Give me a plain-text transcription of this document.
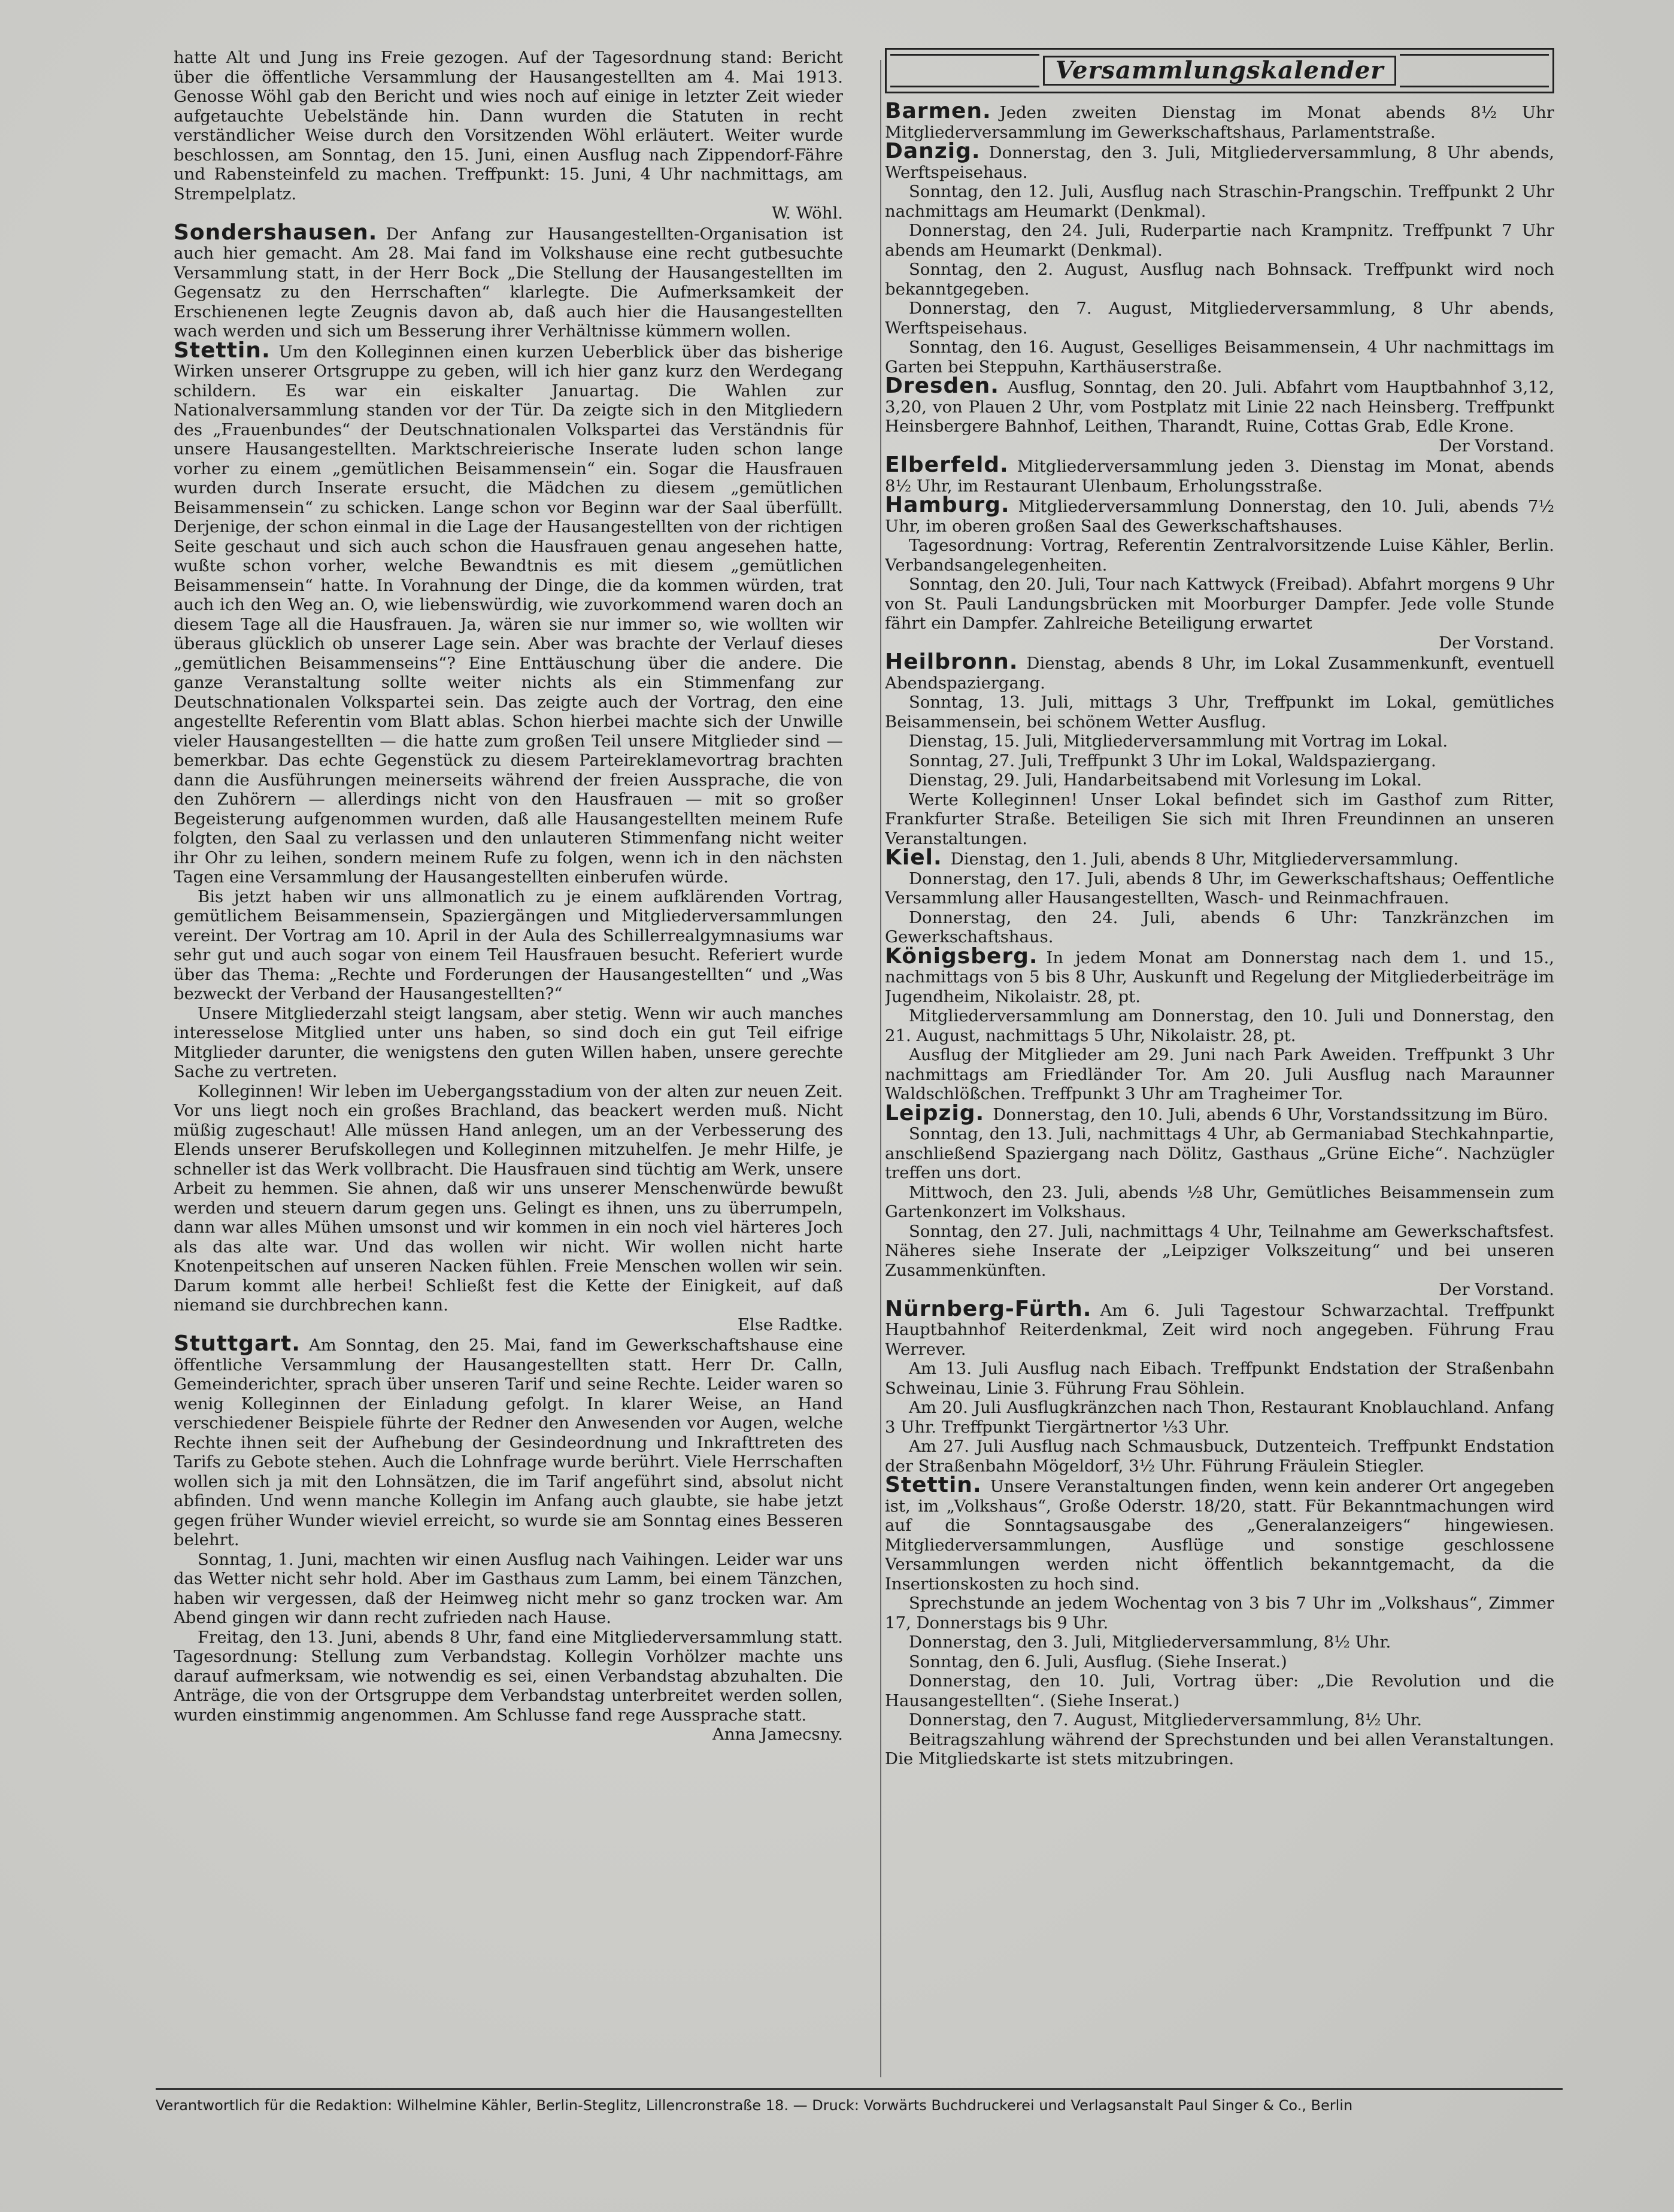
hatte Alt und Jung ins Freie gezogen. Auf der Tagesordnung stand: Bericht über die öffentliche Versammlung der Hausangestellten am 4. Mai 1913. Genosse Wöhl gab den Bericht und wies noch auf einige in letzter Zeit wieder aufgetauchte Uebelstände hin. Dann wurden die Statuten in recht verständlicher Weise durch den Vorsitzenden Wöhl erläutert. Weiter wurde beschlossen, am Sonntag, den 15. Juni, einen Ausflug nach Zippendorf-Fähre und Rabensteinfeld zu machen. Treffpunkt: 15. Juni, 4 Uhr nachmittags, am Strempelplatz.

W. Wöhl.

Sondershausen. Der Anfang zur Hausangestellten-Organisation ist auch hier gemacht. Am 28. Mai fand im Volkshause eine recht gutbesuchte Versammlung statt, in der Herr Bock „Die Stellung der Hausangestellten im Gegensatz zu den Herrschaften“ klarlegte. Die Aufmerksamkeit der Erschienenen legte Zeugnis davon ab, daß auch hier die Hausangestellten wach werden und sich um Besserung ihrer Verhältnisse kümmern wollen.

Stettin. Um den Kolleginnen einen kurzen Ueberblick über das bisherige Wirken unserer Ortsgruppe zu geben, will ich hier ganz kurz den Werdegang schildern. Es war ein eiskalter Januartag. Die Wahlen zur Nationalversammlung standen vor der Tür. Da zeigte sich in den Mitgliedern des „Frauenbundes“ der Deutschnationalen Volkspartei das Verständnis für unsere Hausangestellten. Marktschreierische Inserate luden schon lange vorher zu einem „gemütlichen Beisammensein“ ein. Sogar die Hausfrauen wurden durch Inserate ersucht, die Mädchen zu diesem „gemütlichen Beisammensein“ zu schicken. Lange schon vor Beginn war der Saal überfüllt. Derjenige, der schon einmal in die Lage der Hausangestellten von der richtigen Seite geschaut und sich auch schon die Hausfrauen genau angesehen hatte, wußte schon vorher, welche Bewandtnis es mit diesem „gemütlichen Beisammensein“ hatte. In Vorahnung der Dinge, die da kommen würden, trat auch ich den Weg an. O, wie liebenswürdig, wie zuvorkommend waren doch an diesem Tage all die Hausfrauen. Ja, wären sie nur immer so, wie wollten wir überaus glücklich ob unserer Lage sein. Aber was brachte der Verlauf dieses „gemütlichen Beisammenseins“? Eine Enttäuschung über die andere. Die ganze Veranstaltung sollte weiter nichts als ein Stimmenfang zur Deutschnationalen Volkspartei sein. Das zeigte auch der Vortrag, den eine angestellte Referentin vom Blatt ablas. Schon hierbei machte sich der Unwille vieler Hausangestellten — die hatte zum großen Teil unsere Mitglieder sind — bemerkbar. Das echte Gegenstück zu diesem Parteireklamevortrag brachten dann die Ausführungen meinerseits während der freien Aussprache, die von den Zuhörern — allerdings nicht von den Hausfrauen — mit so großer Begeisterung aufgenommen wurden, daß alle Hausangestellten meinem Rufe folgten, den Saal zu verlassen und den unlauteren Stimmenfang nicht weiter ihr Ohr zu leihen, sondern meinem Rufe zu folgen, wenn ich in den nächsten Tagen eine Versammlung der Hausangestellten einberufen würde.

Bis jetzt haben wir uns allmonatlich zu je einem aufklärenden Vortrag, gemütlichem Beisammensein, Spaziergängen und Mitgliederversammlungen vereint. Der Vortrag am 10. April in der Aula des Schillerrealgymnasiums war sehr gut und auch sogar von einem Teil Hausfrauen besucht. Referiert wurde über das Thema: „Rechte und Forderungen der Hausangestellten“ und „Was bezweckt der Verband der Hausangestellten?“

Unsere Mitgliederzahl steigt langsam, aber stetig. Wenn wir auch manches interesselose Mitglied unter uns haben, so sind doch ein gut Teil eifrige Mitglieder darunter, die wenigstens den guten Willen haben, unsere gerechte Sache zu vertreten.

Kolleginnen! Wir leben im Uebergangsstadium von der alten zur neuen Zeit. Vor uns liegt noch ein großes Brachland, das beackert werden muß. Nicht müßig zugeschaut! Alle müssen Hand anlegen, um an der Verbesserung des Elends unserer Berufskollegen und Kolleginnen mitzuhelfen. Je mehr Hilfe, je schneller ist das Werk vollbracht. Die Hausfrauen sind tüchtig am Werk, unsere Arbeit zu hemmen. Sie ahnen, daß wir uns unserer Menschenwürde bewußt werden und steuern darum gegen uns. Gelingt es ihnen, uns zu überrumpeln, dann war alles Mühen umsonst und wir kommen in ein noch viel härteres Joch als das alte war. Und das wollen wir nicht. Wir wollen nicht harte Knotenpeitschen auf unseren Nacken fühlen. Freie Menschen wollen wir sein. Darum kommt alle herbei! Schließt fest die Kette der Einigkeit, auf daß niemand sie durchbrechen kann.

Else Radtke.

Stuttgart. Am Sonntag, den 25. Mai, fand im Gewerkschaftshause eine öffentliche Versammlung der Hausangestellten statt. Herr Dr. Calln, Gemeinderichter, sprach über unseren Tarif und seine Rechte. Leider waren so wenig Kolleginnen der Einladung gefolgt. In klarer Weise, an Hand verschiedener Beispiele führte der Redner den Anwesenden vor Augen, welche Rechte ihnen seit der Aufhebung der Gesindeordnung und Inkrafttreten des Tarifs zu Gebote stehen. Auch die Lohnfrage wurde berührt. Viele Herrschaften wollen sich ja mit den Lohnsätzen, die im Tarif angeführt sind, absolut nicht abfinden. Und wenn manche Kollegin im Anfang auch glaubte, sie habe jetzt gegen früher Wunder wieviel erreicht, so wurde sie am Sonntag eines Besseren belehrt.

Sonntag, 1. Juni, machten wir einen Ausflug nach Vaihingen. Leider war uns das Wetter nicht sehr hold. Aber im Gasthaus zum Lamm, bei einem Tänzchen, haben wir vergessen, daß der Heimweg nicht mehr so ganz trocken war. Am Abend gingen wir dann recht zufrieden nach Hause.

Freitag, den 13. Juni, abends 8 Uhr, fand eine Mitgliederversammlung statt. Tagesordnung: Stellung zum Verbandstag. Kollegin Vorhölzer machte uns darauf aufmerksam, wie notwendig es sei, einen Verbandstag abzuhalten. Die Anträge, die von der Ortsgruppe dem Verbandstag unterbreitet werden sollen, wurden einstimmig angenommen. Am Schlusse fand rege Aussprache statt.

Anna Jamecsny.

Versammlungskalender

Barmen. Jeden zweiten Dienstag im Monat abends 8½ Uhr Mitgliederversammlung im Gewerkschaftshaus, Parlamentstraße.

Danzig. Donnerstag, den 3. Juli, Mitgliederversammlung, 8 Uhr abends, Werftspeisehaus.

Sonntag, den 12. Juli, Ausflug nach Straschin-Prangschin. Treffpunkt 2 Uhr nachmittags am Heumarkt (Denkmal).

Donnerstag, den 24. Juli, Ruderpartie nach Krampnitz. Treffpunkt 7 Uhr abends am Heumarkt (Denkmal).

Sonntag, den 2. August, Ausflug nach Bohnsack. Treffpunkt wird noch bekanntgegeben.

Donnerstag, den 7. August, Mitgliederversammlung, 8 Uhr abends, Werftspeisehaus.

Sonntag, den 16. August, Geselliges Beisammensein, 4 Uhr nachmittags im Garten bei Steppuhn, Karthäuserstraße.

Dresden. Ausflug, Sonntag, den 20. Juli. Abfahrt vom Hauptbahnhof 3,12, 3,20, von Plauen 2 Uhr, vom Postplatz mit Linie 22 nach Heinsberg. Treffpunkt Heinsbergere Bahnhof, Leithen, Tharandt, Ruine, Cottas Grab, Edle Krone.

Der Vorstand.

Elberfeld. Mitgliederversammlung jeden 3. Dienstag im Monat, abends 8½ Uhr, im Restaurant Ulenbaum, Erholungsstraße.

Hamburg. Mitgliederversammlung Donnerstag, den 10. Juli, abends 7½ Uhr, im oberen großen Saal des Gewerkschaftshauses.

Tagesordnung: Vortrag, Referentin Zentralvorsitzende Luise Kähler, Berlin. Verbandsangelegenheiten.

Sonntag, den 20. Juli, Tour nach Kattwyck (Freibad). Abfahrt morgens 9 Uhr von St. Pauli Landungsbrücken mit Moorburger Dampfer. Jede volle Stunde fährt ein Dampfer. Zahlreiche Beteiligung erwartet

Der Vorstand.

Heilbronn. Dienstag, abends 8 Uhr, im Lokal Zusammenkunft, eventuell Abendspaziergang.

Sonntag, 13. Juli, mittags 3 Uhr, Treffpunkt im Lokal, gemütliches Beisammensein, bei schönem Wetter Ausflug.

Dienstag, 15. Juli, Mitgliederversammlung mit Vortrag im Lokal.

Sonntag, 27. Juli, Treffpunkt 3 Uhr im Lokal, Waldspaziergang.

Dienstag, 29. Juli, Handarbeitsabend mit Vorlesung im Lokal.

Werte Kolleginnen! Unser Lokal befindet sich im Gasthof zum Ritter, Frankfurter Straße. Beteiligen Sie sich mit Ihren Freundinnen an unseren Veranstaltungen.

Kiel. Dienstag, den 1. Juli, abends 8 Uhr, Mitgliederversammlung.

Donnerstag, den 17. Juli, abends 8 Uhr, im Gewerkschaftshaus; Oeffentliche Versammlung aller Hausangestellten, Wasch- und Reinmachfrauen.

Donnerstag, den 24. Juli, abends 6 Uhr: Tanzkränzchen im Gewerkschaftshaus.

Königsberg. In jedem Monat am Donnerstag nach dem 1. und 15., nachmittags von 5 bis 8 Uhr, Auskunft und Regelung der Mitgliederbeiträge im Jugendheim, Nikolaistr. 28, pt.

Mitgliederversammlung am Donnerstag, den 10. Juli und Donnerstag, den 21. August, nachmittags 5 Uhr, Nikolaistr. 28, pt.

Ausflug der Mitglieder am 29. Juni nach Park Aweiden. Treffpunkt 3 Uhr nachmittags am Friedländer Tor. Am 20. Juli Ausflug nach Maraunner Waldschlößchen. Treffpunkt 3 Uhr am Tragheimer Tor.

Leipzig. Donnerstag, den 10. Juli, abends 6 Uhr, Vorstandssitzung im Büro.

Sonntag, den 13. Juli, nachmittags 4 Uhr, ab Germaniabad Stechkahnpartie, anschließend Spaziergang nach Dölitz, Gasthaus „Grüne Eiche“. Nachzügler treffen uns dort.

Mittwoch, den 23. Juli, abends ½8 Uhr, Gemütliches Beisammensein zum Gartenkonzert im Volkshaus.

Sonntag, den 27. Juli, nachmittags 4 Uhr, Teilnahme am Gewerkschaftsfest. Näheres siehe Inserate der „Leipziger Volkszeitung“ und bei unseren Zusammenkünften.

Der Vorstand.

Nürnberg-Fürth. Am 6. Juli Tagestour Schwarzachtal. Treffpunkt Hauptbahnhof Reiterdenkmal, Zeit wird noch angegeben. Führung Frau Werrever.

Am 13. Juli Ausflug nach Eibach. Treffpunkt Endstation der Straßenbahn Schweinau, Linie 3. Führung Frau Söhlein.

Am 20. Juli Ausflugkränzchen nach Thon, Restaurant Knoblauchland. Anfang 3 Uhr. Treffpunkt Tiergärtnertor ⅓3 Uhr.

Am 27. Juli Ausflug nach Schmausbuck, Dutzenteich. Treffpunkt Endstation der Straßenbahn Mögeldorf, 3½ Uhr. Führung Fräulein Stiegler.

Stettin. Unsere Veranstaltungen finden, wenn kein anderer Ort angegeben ist, im „Volkshaus“, Große Oderstr. 18/20, statt. Für Bekanntmachungen wird auf die Sonntagsausgabe des „Generalanzeigers“ hingewiesen. Mitgliederversammlungen, Ausflüge und sonstige geschlossene Versammlungen werden nicht öffentlich bekanntgemacht, da die Insertionskosten zu hoch sind.

Sprechstunde an jedem Wochentag von 3 bis 7 Uhr im „Volkshaus“, Zimmer 17, Donnerstags bis 9 Uhr.

Donnerstag, den 3. Juli, Mitgliederversammlung, 8½ Uhr.

Sonntag, den 6. Juli, Ausflug. (Siehe Inserat.)

Donnerstag, den 10. Juli, Vortrag über: „Die Revolution und die Hausangestellten“. (Siehe Inserat.)

Donnerstag, den 7. August, Mitgliederversammlung, 8½ Uhr.

Beitragszahlung während der Sprechstunden und bei allen Veranstaltungen. Die Mitgliedskarte ist stets mitzubringen.

Verantwortlich für die Redaktion: Wilhelmine Kähler, Berlin-Steglitz, Lillencronstraße 18. — Druck: Vorwärts Buchdruckerei und Verlagsanstalt Paul Singer & Co., Berlin
